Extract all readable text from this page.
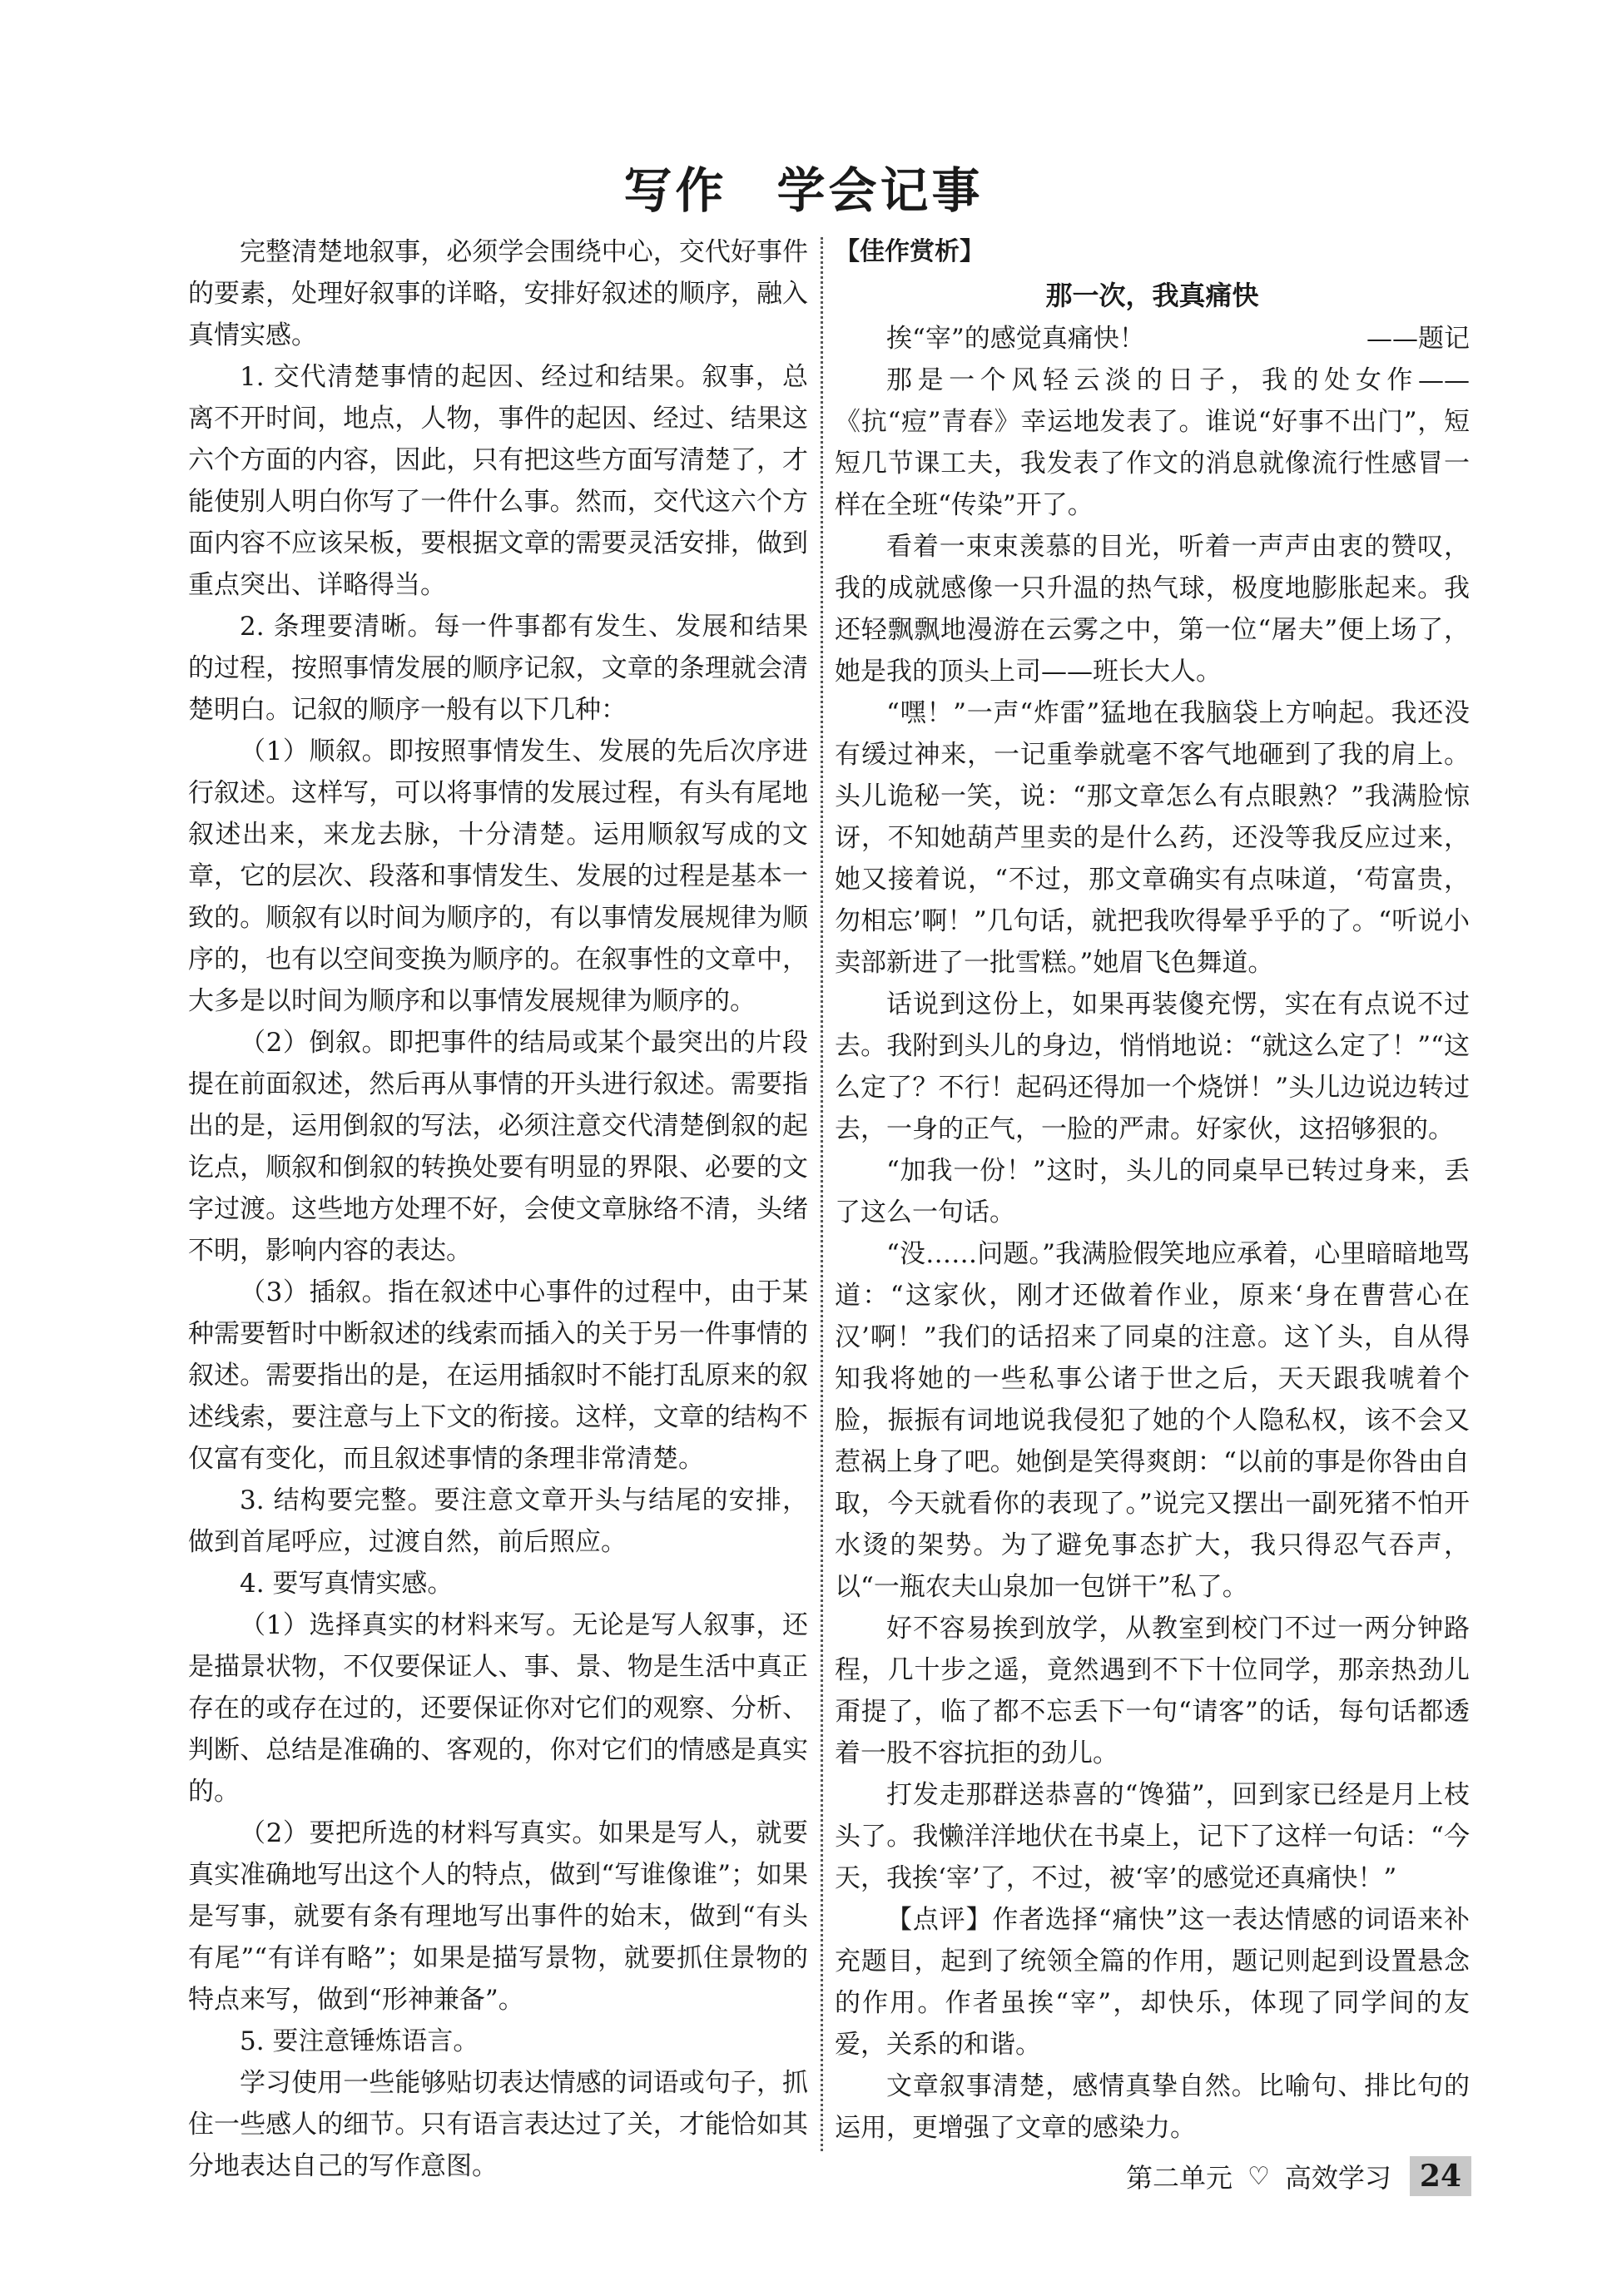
写作 学会记事

完整清楚地叙事，必须学会围绕中心，交代好事件的要素，处理好叙事的详略，安排好叙述的顺序，融入真情实感。

1. 交代清楚事情的起因、经过和结果。叙事，总离不开时间，地点，人物，事件的起因、经过、结果这六个方面的内容，因此，只有把这些方面写清楚了，才能使别人明白你写了一件什么事。然而，交代这六个方面内容不应该呆板，要根据文章的需要灵活安排，做到重点突出、详略得当。

2. 条理要清晰。每一件事都有发生、发展和结果的过程，按照事情发展的顺序记叙，文章的条理就会清楚明白。记叙的顺序一般有以下几种：

（1）顺叙。即按照事情发生、发展的先后次序进行叙述。这样写，可以将事情的发展过程，有头有尾地叙述出来，来龙去脉，十分清楚。运用顺叙写成的文章，它的层次、段落和事情发生、发展的过程是基本一致的。顺叙有以时间为顺序的，有以事情发展规律为顺序的，也有以空间变换为顺序的。在叙事性的文章中，大多是以时间为顺序和以事情发展规律为顺序的。

（2）倒叙。即把事件的结局或某个最突出的片段提在前面叙述，然后再从事情的开头进行叙述。需要指出的是，运用倒叙的写法，必须注意交代清楚倒叙的起讫点，顺叙和倒叙的转换处要有明显的界限、必要的文字过渡。这些地方处理不好，会使文章脉络不清，头绪不明，影响内容的表达。

（3）插叙。指在叙述中心事件的过程中，由于某种需要暂时中断叙述的线索而插入的关于另一件事情的叙述。需要指出的是，在运用插叙时不能打乱原来的叙述线索，要注意与上下文的衔接。这样，文章的结构不仅富有变化，而且叙述事情的条理非常清楚。

3. 结构要完整。要注意文章开头与结尾的安排，做到首尾呼应，过渡自然，前后照应。

4. 要写真情实感。

（1）选择真实的材料来写。无论是写人叙事，还是描景状物，不仅要保证人、事、景、物是生活中真正存在的或存在过的，还要保证你对它们的观察、分析、判断、总结是准确的、客观的，你对它们的情感是真实的。

（2）要把所选的材料写真实。如果是写人，就要真实准确地写出这个人的特点，做到“写谁像谁”；如果是写事，就要有条有理地写出事件的始末，做到“有头有尾”“有详有略”；如果是描写景物，就要抓住景物的特点来写，做到“形神兼备”。

5. 要注意锤炼语言。

学习使用一些能够贴切表达情感的词语或句子，抓住一些感人的细节。只有语言表达过了关，才能恰如其分地表达自己的写作意图。

【佳作赏析】

那一次，我真痛快

挨“宰”的感觉真痛快！	——题记

那是一个风轻云淡的日子，我的处女作——《抗“痘”青春》幸运地发表了。谁说“好事不出门”，短短几节课工夫，我发表了作文的消息就像流行性感冒一样在全班“传染”开了。

看着一束束羡慕的目光，听着一声声由衷的赞叹，我的成就感像一只升温的热气球，极度地膨胀起来。我还轻飘飘地漫游在云雾之中，第一位“屠夫”便上场了，她是我的顶头上司——班长大人。

“嘿！”一声“炸雷”猛地在我脑袋上方响起。我还没有缓过神来，一记重拳就毫不客气地砸到了我的肩上。头儿诡秘一笑，说：“那文章怎么有点眼熟？”我满脸惊讶，不知她葫芦里卖的是什么药，还没等我反应过来，她又接着说，“不过，那文章确实有点味道，‘苟富贵，勿相忘’啊！”几句话，就把我吹得晕乎乎的了。“听说小卖部新进了一批雪糕。”她眉飞色舞道。

话说到这份上，如果再装傻充愣，实在有点说不过去。我附到头儿的身边，悄悄地说：“就这么定了！”“这么定了？不行！起码还得加一个烧饼！”头儿边说边转过去，一身的正气，一脸的严肃。好家伙，这招够狠的。

“加我一份！”这时，头儿的同桌早已转过身来，丢了这么一句话。

“没……问题。”我满脸假笑地应承着，心里暗暗地骂道：“这家伙，刚才还做着作业，原来‘身在曹营心在汉’啊！”我们的话招来了同桌的注意。这丫头，自从得知我将她的一些私事公诸于世之后，天天跟我唬着个脸，振振有词地说我侵犯了她的个人隐私权，该不会又惹祸上身了吧。她倒是笑得爽朗：“以前的事是你咎由自取，今天就看你的表现了。”说完又摆出一副死猪不怕开水烫的架势。为了避免事态扩大，我只得忍气吞声，以“一瓶农夫山泉加一包饼干”私了。

好不容易挨到放学，从教室到校门不过一两分钟路程，几十步之遥，竟然遇到不下十位同学，那亲热劲儿甭提了，临了都不忘丢下一句“请客”的话，每句话都透着一股不容抗拒的劲儿。

打发走那群送恭喜的“馋猫”，回到家已经是月上枝头了。我懒洋洋地伏在书桌上，记下了这样一句话：“今天，我挨‘宰’了，不过，被‘宰’的感觉还真痛快！”

【点评】作者选择“痛快”这一表达情感的词语来补充题目，起到了统领全篇的作用，题记则起到设置悬念的作用。作者虽挨“宰”，却快乐，体现了同学间的友爱，关系的和谐。

文章叙事清楚，感情真挚自然。比喻句、排比句的运用，更增强了文章的感染力。

第二单元 ♡ 高效学习 24
